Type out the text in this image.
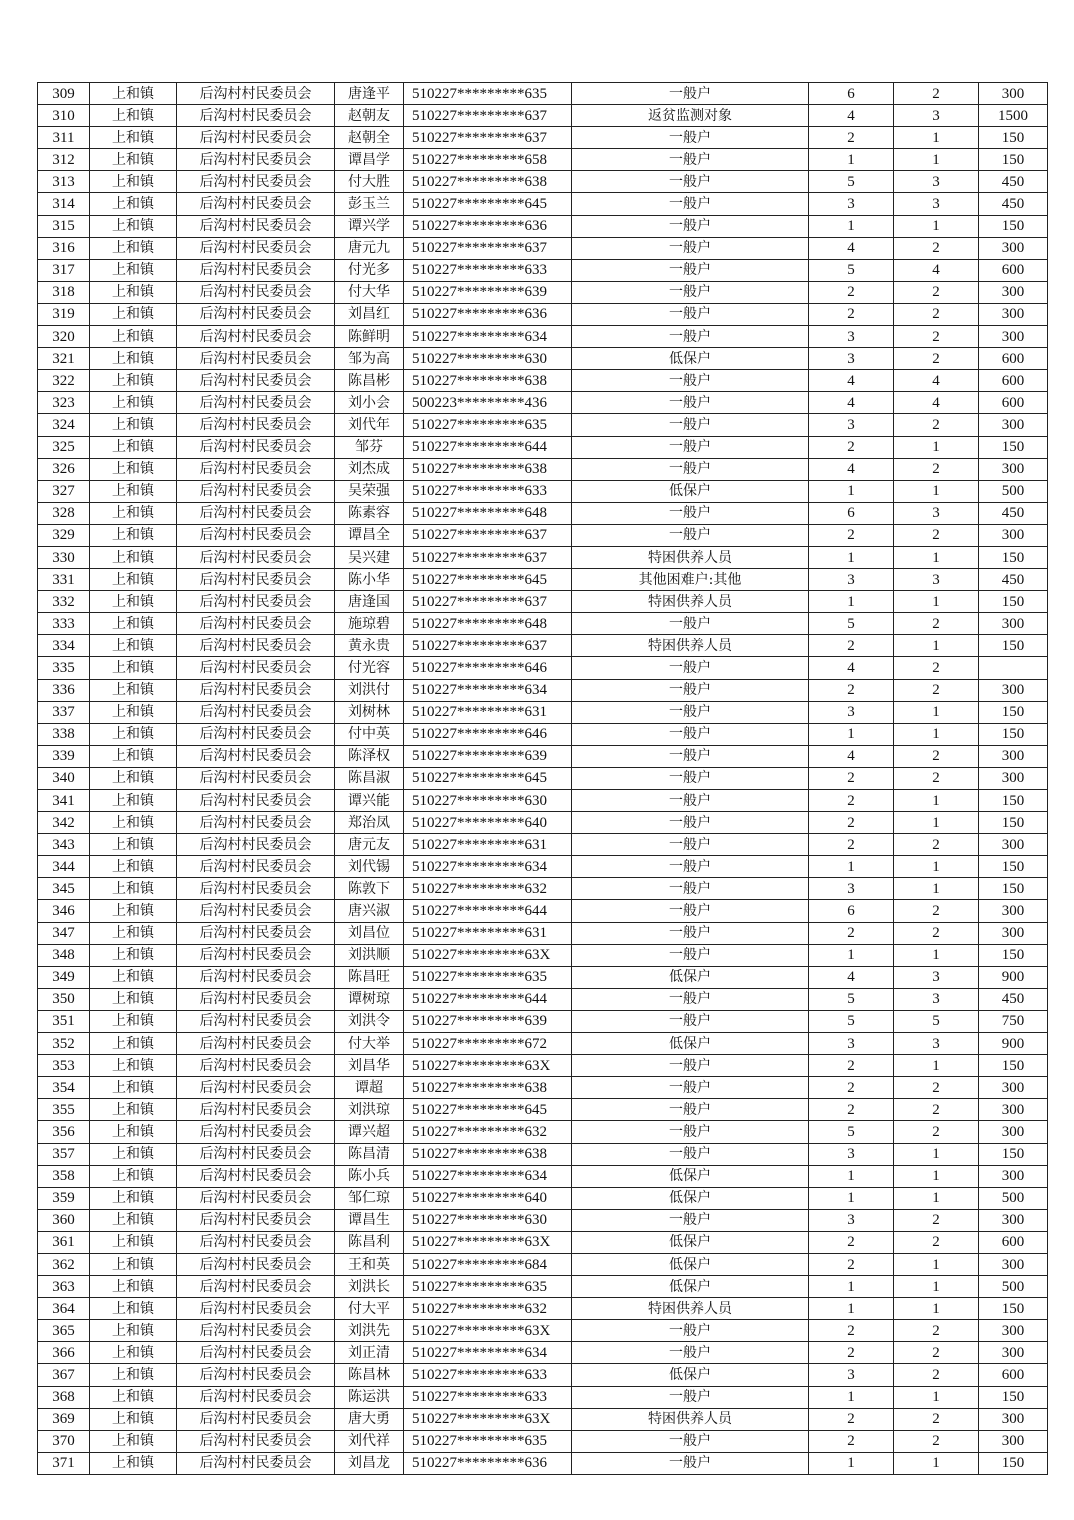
309	上和镇	后沟村村民委员会	唐逢平	510227*********635	一般户	6	2	300
310	上和镇	后沟村村民委员会	赵朝友	510227*********637	返贫监测对象	4	3	1500
311	上和镇	后沟村村民委员会	赵朝全	510227*********637	一般户	2	1	150
312	上和镇	后沟村村民委员会	谭昌学	510227*********658	一般户	1	1	150
313	上和镇	后沟村村民委员会	付大胜	510227*********638	一般户	5	3	450
314	上和镇	后沟村村民委员会	彭玉兰	510227*********645	一般户	3	3	450
315	上和镇	后沟村村民委员会	谭兴学	510227*********636	一般户	1	1	150
316	上和镇	后沟村村民委员会	唐元九	510227*********637	一般户	4	2	300
317	上和镇	后沟村村民委员会	付光多	510227*********633	一般户	5	4	600
318	上和镇	后沟村村民委员会	付大华	510227*********639	一般户	2	2	300
319	上和镇	后沟村村民委员会	刘昌红	510227*********636	一般户	2	2	300
320	上和镇	后沟村村民委员会	陈鲜明	510227*********634	一般户	3	2	300
321	上和镇	后沟村村民委员会	邹为高	510227*********630	低保户	3	2	600
322	上和镇	后沟村村民委员会	陈昌彬	510227*********638	一般户	4	4	600
323	上和镇	后沟村村民委员会	刘小会	500223*********436	一般户	4	4	600
324	上和镇	后沟村村民委员会	刘代年	510227*********635	一般户	3	2	300
325	上和镇	后沟村村民委员会	邹芬	510227*********644	一般户	2	1	150
326	上和镇	后沟村村民委员会	刘杰成	510227*********638	一般户	4	2	300
327	上和镇	后沟村村民委员会	吴荣强	510227*********633	低保户	1	1	500
328	上和镇	后沟村村民委员会	陈素容	510227*********648	一般户	6	3	450
329	上和镇	后沟村村民委员会	谭昌全	510227*********637	一般户	2	2	300
330	上和镇	后沟村村民委员会	吴兴建	510227*********637	特困供养人员	1	1	150
331	上和镇	后沟村村民委员会	陈小华	510227*********645	其他困难户:其他	3	3	450
332	上和镇	后沟村村民委员会	唐逢国	510227*********637	特困供养人员	1	1	150
333	上和镇	后沟村村民委员会	施琼碧	510227*********648	一般户	5	2	300
334	上和镇	后沟村村民委员会	黄永贵	510227*********637	特困供养人员	2	1	150
335	上和镇	后沟村村民委员会	付光容	510227*********646	一般户	4	2	
336	上和镇	后沟村村民委员会	刘洪付	510227*********634	一般户	2	2	300
337	上和镇	后沟村村民委员会	刘树林	510227*********631	一般户	3	1	150
338	上和镇	后沟村村民委员会	付中英	510227*********646	一般户	1	1	150
339	上和镇	后沟村村民委员会	陈泽权	510227*********639	一般户	4	2	300
340	上和镇	后沟村村民委员会	陈昌淑	510227*********645	一般户	2	2	300
341	上和镇	后沟村村民委员会	谭兴能	510227*********630	一般户	2	1	150
342	上和镇	后沟村村民委员会	郑治凤	510227*********640	一般户	2	1	150
343	上和镇	后沟村村民委员会	唐元友	510227*********631	一般户	2	2	300
344	上和镇	后沟村村民委员会	刘代锡	510227*********634	一般户	1	1	150
345	上和镇	后沟村村民委员会	陈敦下	510227*********632	一般户	3	1	150
346	上和镇	后沟村村民委员会	唐兴淑	510227*********644	一般户	6	2	300
347	上和镇	后沟村村民委员会	刘昌位	510227*********631	一般户	2	2	300
348	上和镇	后沟村村民委员会	刘洪顺	510227*********63X	一般户	1	1	150
349	上和镇	后沟村村民委员会	陈昌旺	510227*********635	低保户	4	3	900
350	上和镇	后沟村村民委员会	谭树琼	510227*********644	一般户	5	3	450
351	上和镇	后沟村村民委员会	刘洪令	510227*********639	一般户	5	5	750
352	上和镇	后沟村村民委员会	付大举	510227*********672	低保户	3	3	900
353	上和镇	后沟村村民委员会	刘昌华	510227*********63X	一般户	2	1	150
354	上和镇	后沟村村民委员会	谭超	510227*********638	一般户	2	2	300
355	上和镇	后沟村村民委员会	刘洪琼	510227*********645	一般户	2	2	300
356	上和镇	后沟村村民委员会	谭兴超	510227*********632	一般户	5	2	300
357	上和镇	后沟村村民委员会	陈昌清	510227*********638	一般户	3	1	150
358	上和镇	后沟村村民委员会	陈小兵	510227*********634	低保户	1	1	300
359	上和镇	后沟村村民委员会	邹仁琼	510227*********640	低保户	1	1	500
360	上和镇	后沟村村民委员会	谭昌生	510227*********630	一般户	3	2	300
361	上和镇	后沟村村民委员会	陈昌利	510227*********63X	低保户	2	2	600
362	上和镇	后沟村村民委员会	王和英	510227*********684	低保户	2	1	300
363	上和镇	后沟村村民委员会	刘洪长	510227*********635	低保户	1	1	500
364	上和镇	后沟村村民委员会	付大平	510227*********632	特困供养人员	1	1	150
365	上和镇	后沟村村民委员会	刘洪先	510227*********63X	一般户	2	2	300
366	上和镇	后沟村村民委员会	刘正清	510227*********634	一般户	2	2	300
367	上和镇	后沟村村民委员会	陈昌林	510227*********633	低保户	3	2	600
368	上和镇	后沟村村民委员会	陈运洪	510227*********633	一般户	1	1	150
369	上和镇	后沟村村民委员会	唐大勇	510227*********63X	特困供养人员	2	2	300
370	上和镇	后沟村村民委员会	刘代祥	510227*********635	一般户	2	2	300
371	上和镇	后沟村村民委员会	刘昌龙	510227*********636	一般户	1	1	150
